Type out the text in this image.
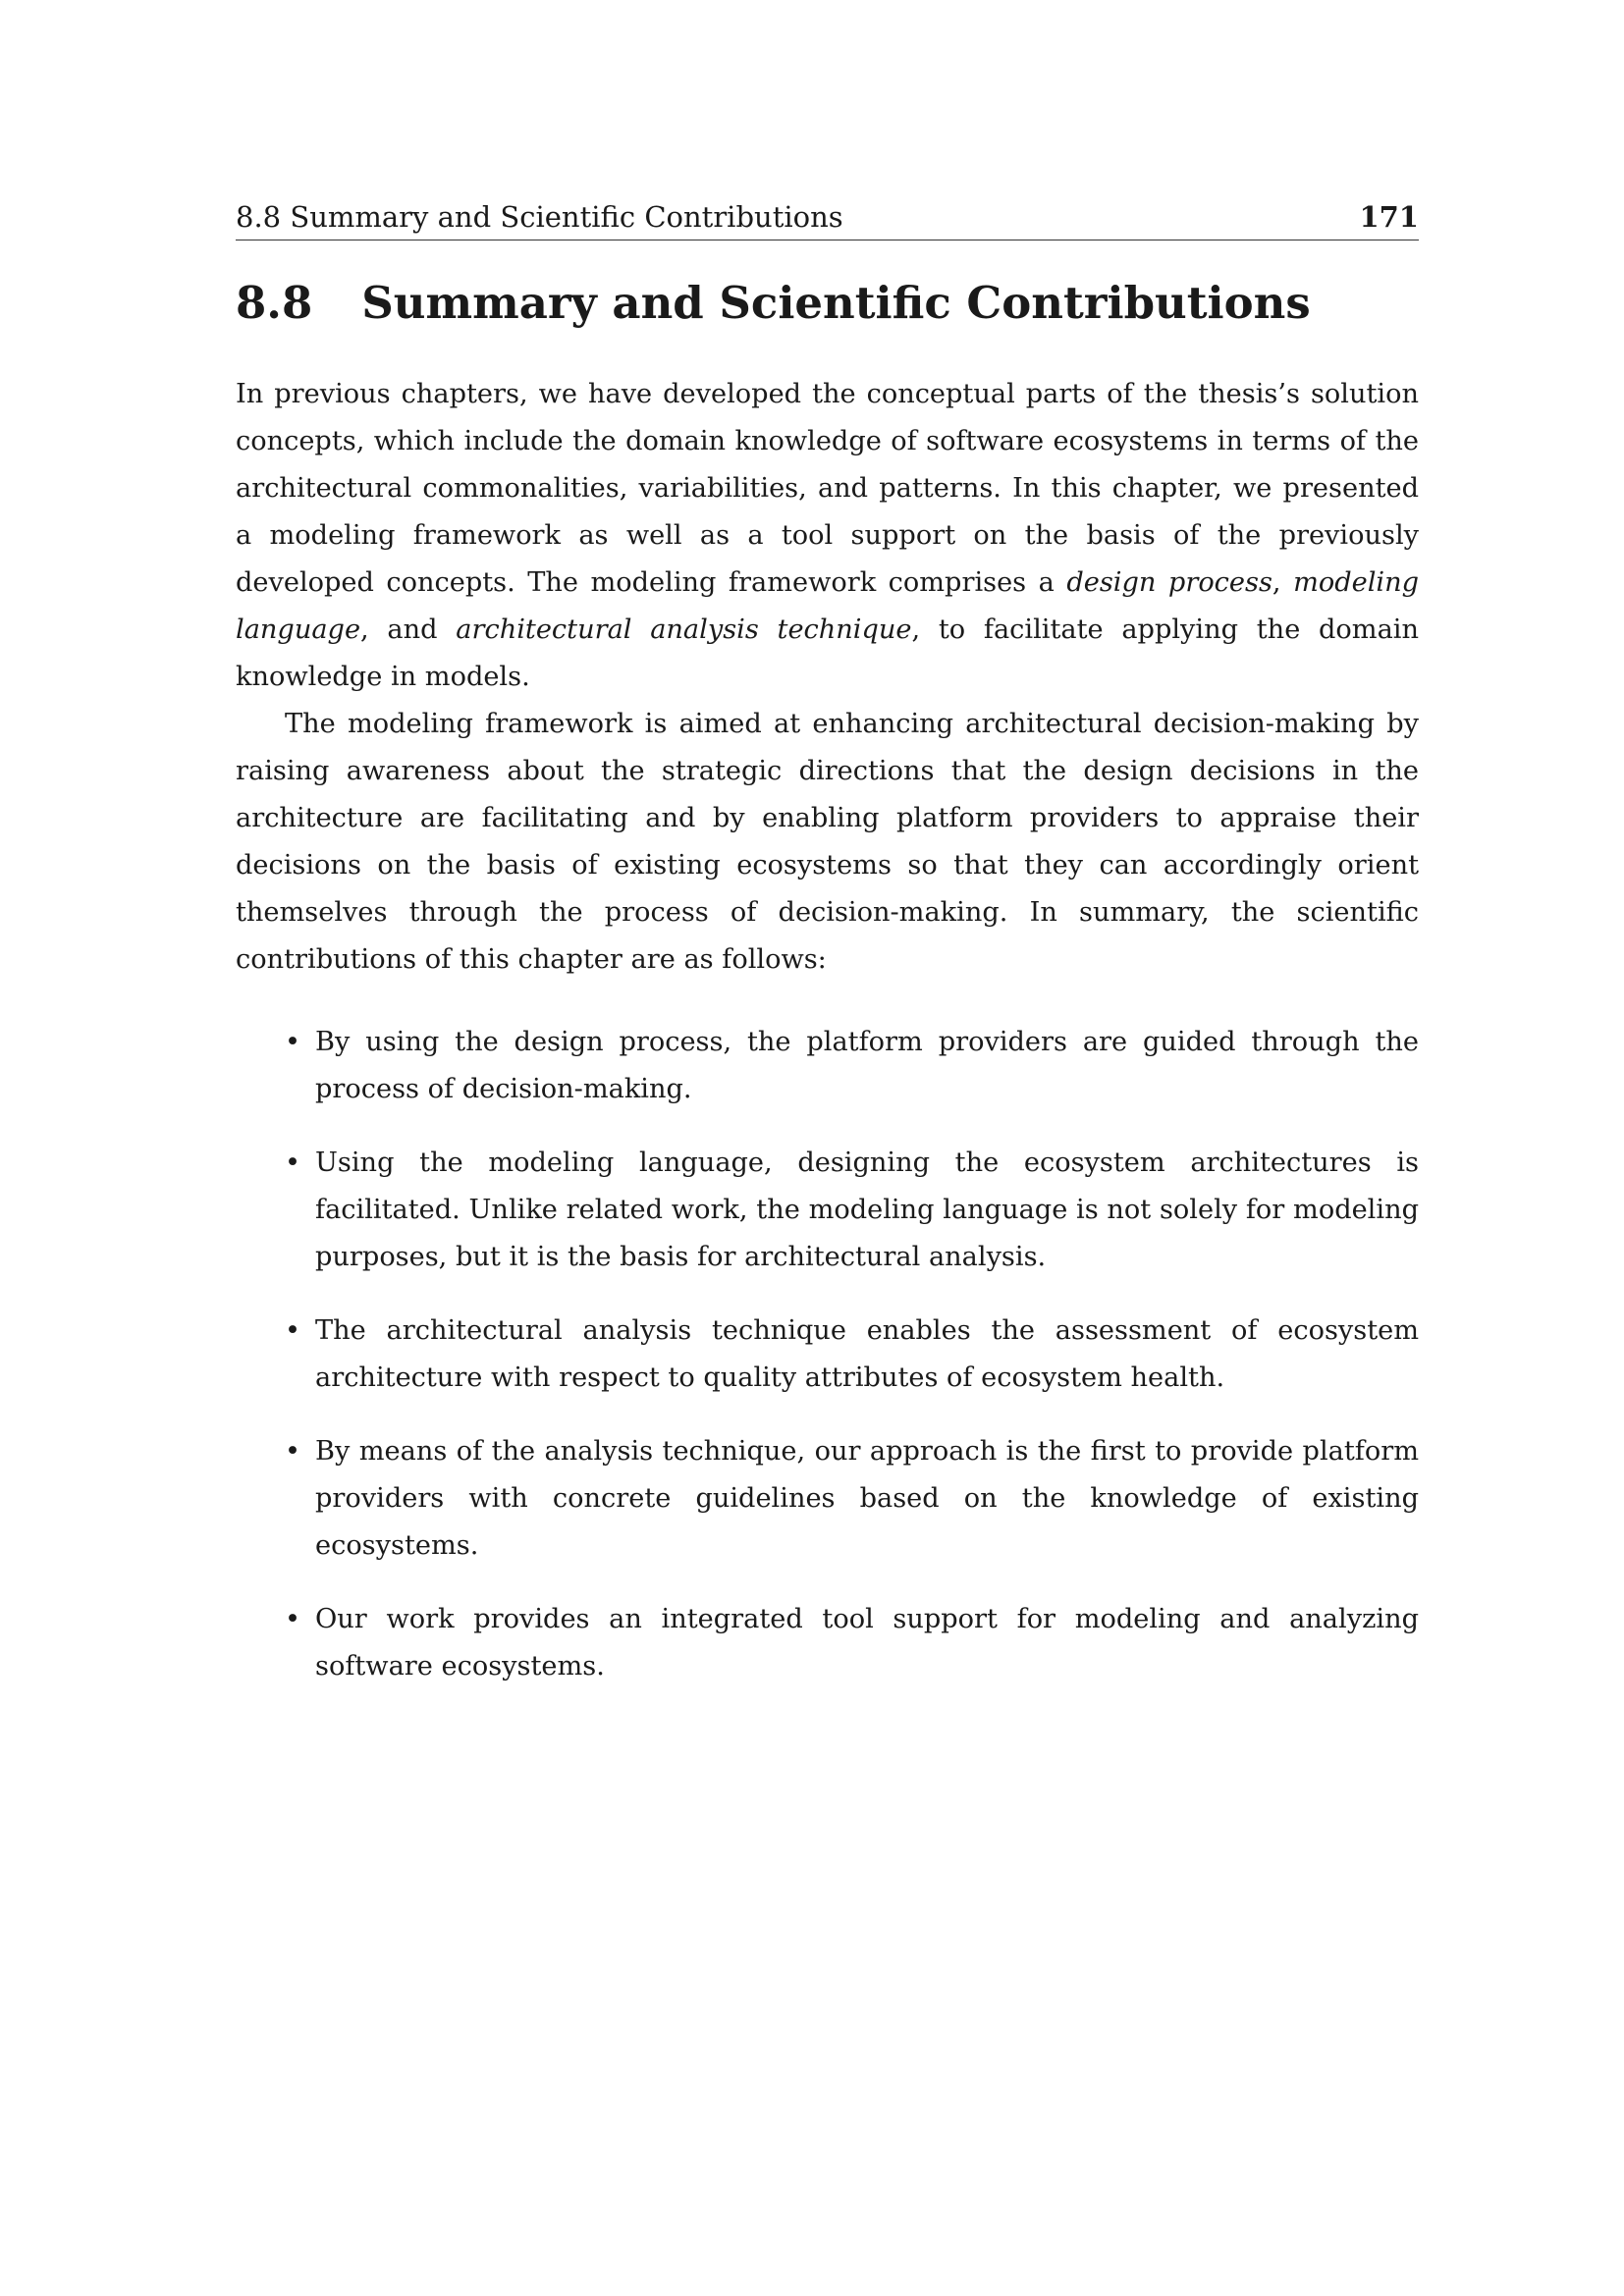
8.8 Summary and Scientific Contributions	171
8.8 Summary and Scientific Contributions

In previous chapters, we have developed the conceptual parts of the thesis’s solution concepts, which include the domain knowledge of software ecosystems in terms of the architectural commonalities, variabilities, and patterns. In this chapter, we presented a modeling framework as well as a tool support on the basis of the previously developed concepts. The modeling framework comprises a design process, modeling language, and architectural analysis technique, to facilitate applying the domain knowledge in models.

The modeling framework is aimed at enhancing architectural decision-making by raising awareness about the strategic directions that the design decisions in the architecture are facilitating and by enabling platform providers to appraise their decisions on the basis of existing ecosystems so that they can accordingly orient themselves through the process of decision-making. In summary, the scientific contributions of this chapter are as follows:

• By using the design process, the platform providers are guided through the process of decision-making.
• Using the modeling language, designing the ecosystem architectures is facilitated. Unlike related work, the modeling language is not solely for modeling purposes, but it is the basis for architectural analysis.
• The architectural analysis technique enables the assessment of ecosystem architecture with respect to quality attributes of ecosystem health.
• By means of the analysis technique, our approach is the first to provide platform providers with concrete guidelines based on the knowledge of existing ecosystems.
• Our work provides an integrated tool support for modeling and analyzing software ecosystems.
